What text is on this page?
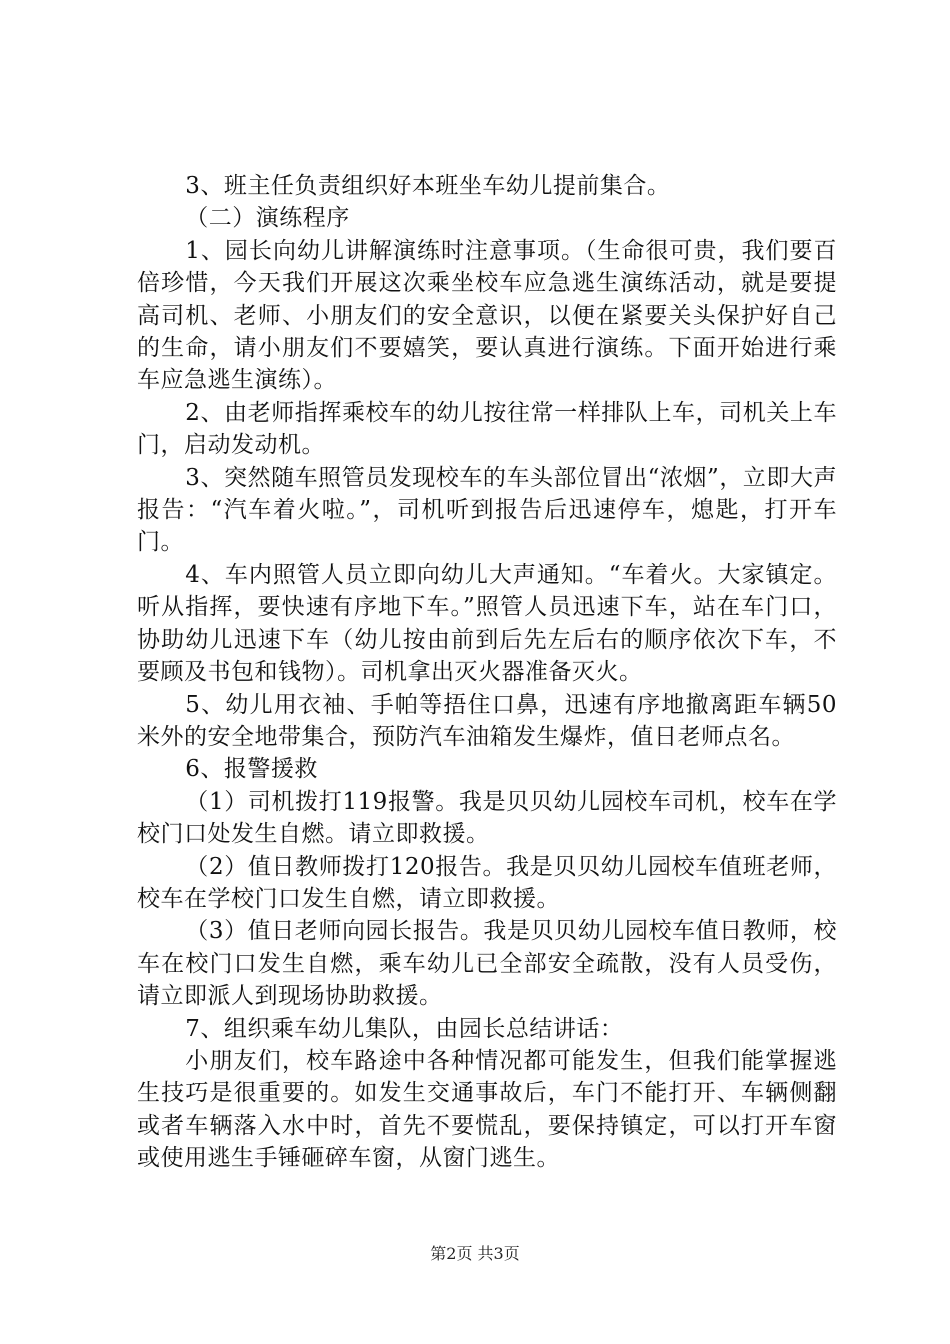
3、班主任负责组织好本班坐车幼儿提前集合。

（二）演练程序

1、园长向幼儿讲解演练时注意事项。（生命很可贵，我们要百倍珍惜，今天我们开展这次乘坐校车应急逃生演练活动，就是要提高司机、老师、小朋友们的安全意识，以便在紧要关头保护好自己的生命，请小朋友们不要嬉笑，要认真进行演练。下面开始进行乘车应急逃生演练）。

2、由老师指挥乘校车的幼儿按往常一样排队上车，司机关上车门，启动发动机。

3、突然随车照管员发现校车的车头部位冒出“浓烟”，立即大声报告：“汽车着火啦。”，司机听到报告后迅速停车，熄匙，打开车门。

4、车内照管人员立即向幼儿大声通知。“车着火。大家镇定。听从指挥，要快速有序地下车。”照管人员迅速下车，站在车门口，协助幼儿迅速下车（幼儿按由前到后先左后右的顺序依次下车，不要顾及书包和钱物）。司机拿出灭火器准备灭火。

5、幼儿用衣袖、手帕等捂住口鼻，迅速有序地撤离距车辆50米外的安全地带集合，预防汽车油箱发生爆炸，值日老师点名。

6、报警援救

（1）司机拨打119报警。我是贝贝幼儿园校车司机，校车在学校门口处发生自燃。请立即救援。

（2）值日教师拨打120报告。我是贝贝幼儿园校车值班老师，校车在学校门口发生自燃，请立即救援。

（3）值日老师向园长报告。我是贝贝幼儿园校车值日教师，校车在校门口发生自燃，乘车幼儿已全部安全疏散，没有人员受伤，请立即派人到现场协助救援。

7、组织乘车幼儿集队，由园长总结讲话：

小朋友们，校车路途中各种情况都可能发生，但我们能掌握逃生技巧是很重要的。如发生交通事故后，车门不能打开、车辆侧翻或者车辆落入水中时，首先不要慌乱，要保持镇定，可以打开车窗或使用逃生手锤砸碎车窗，从窗门逃生。

第2页 共3页
